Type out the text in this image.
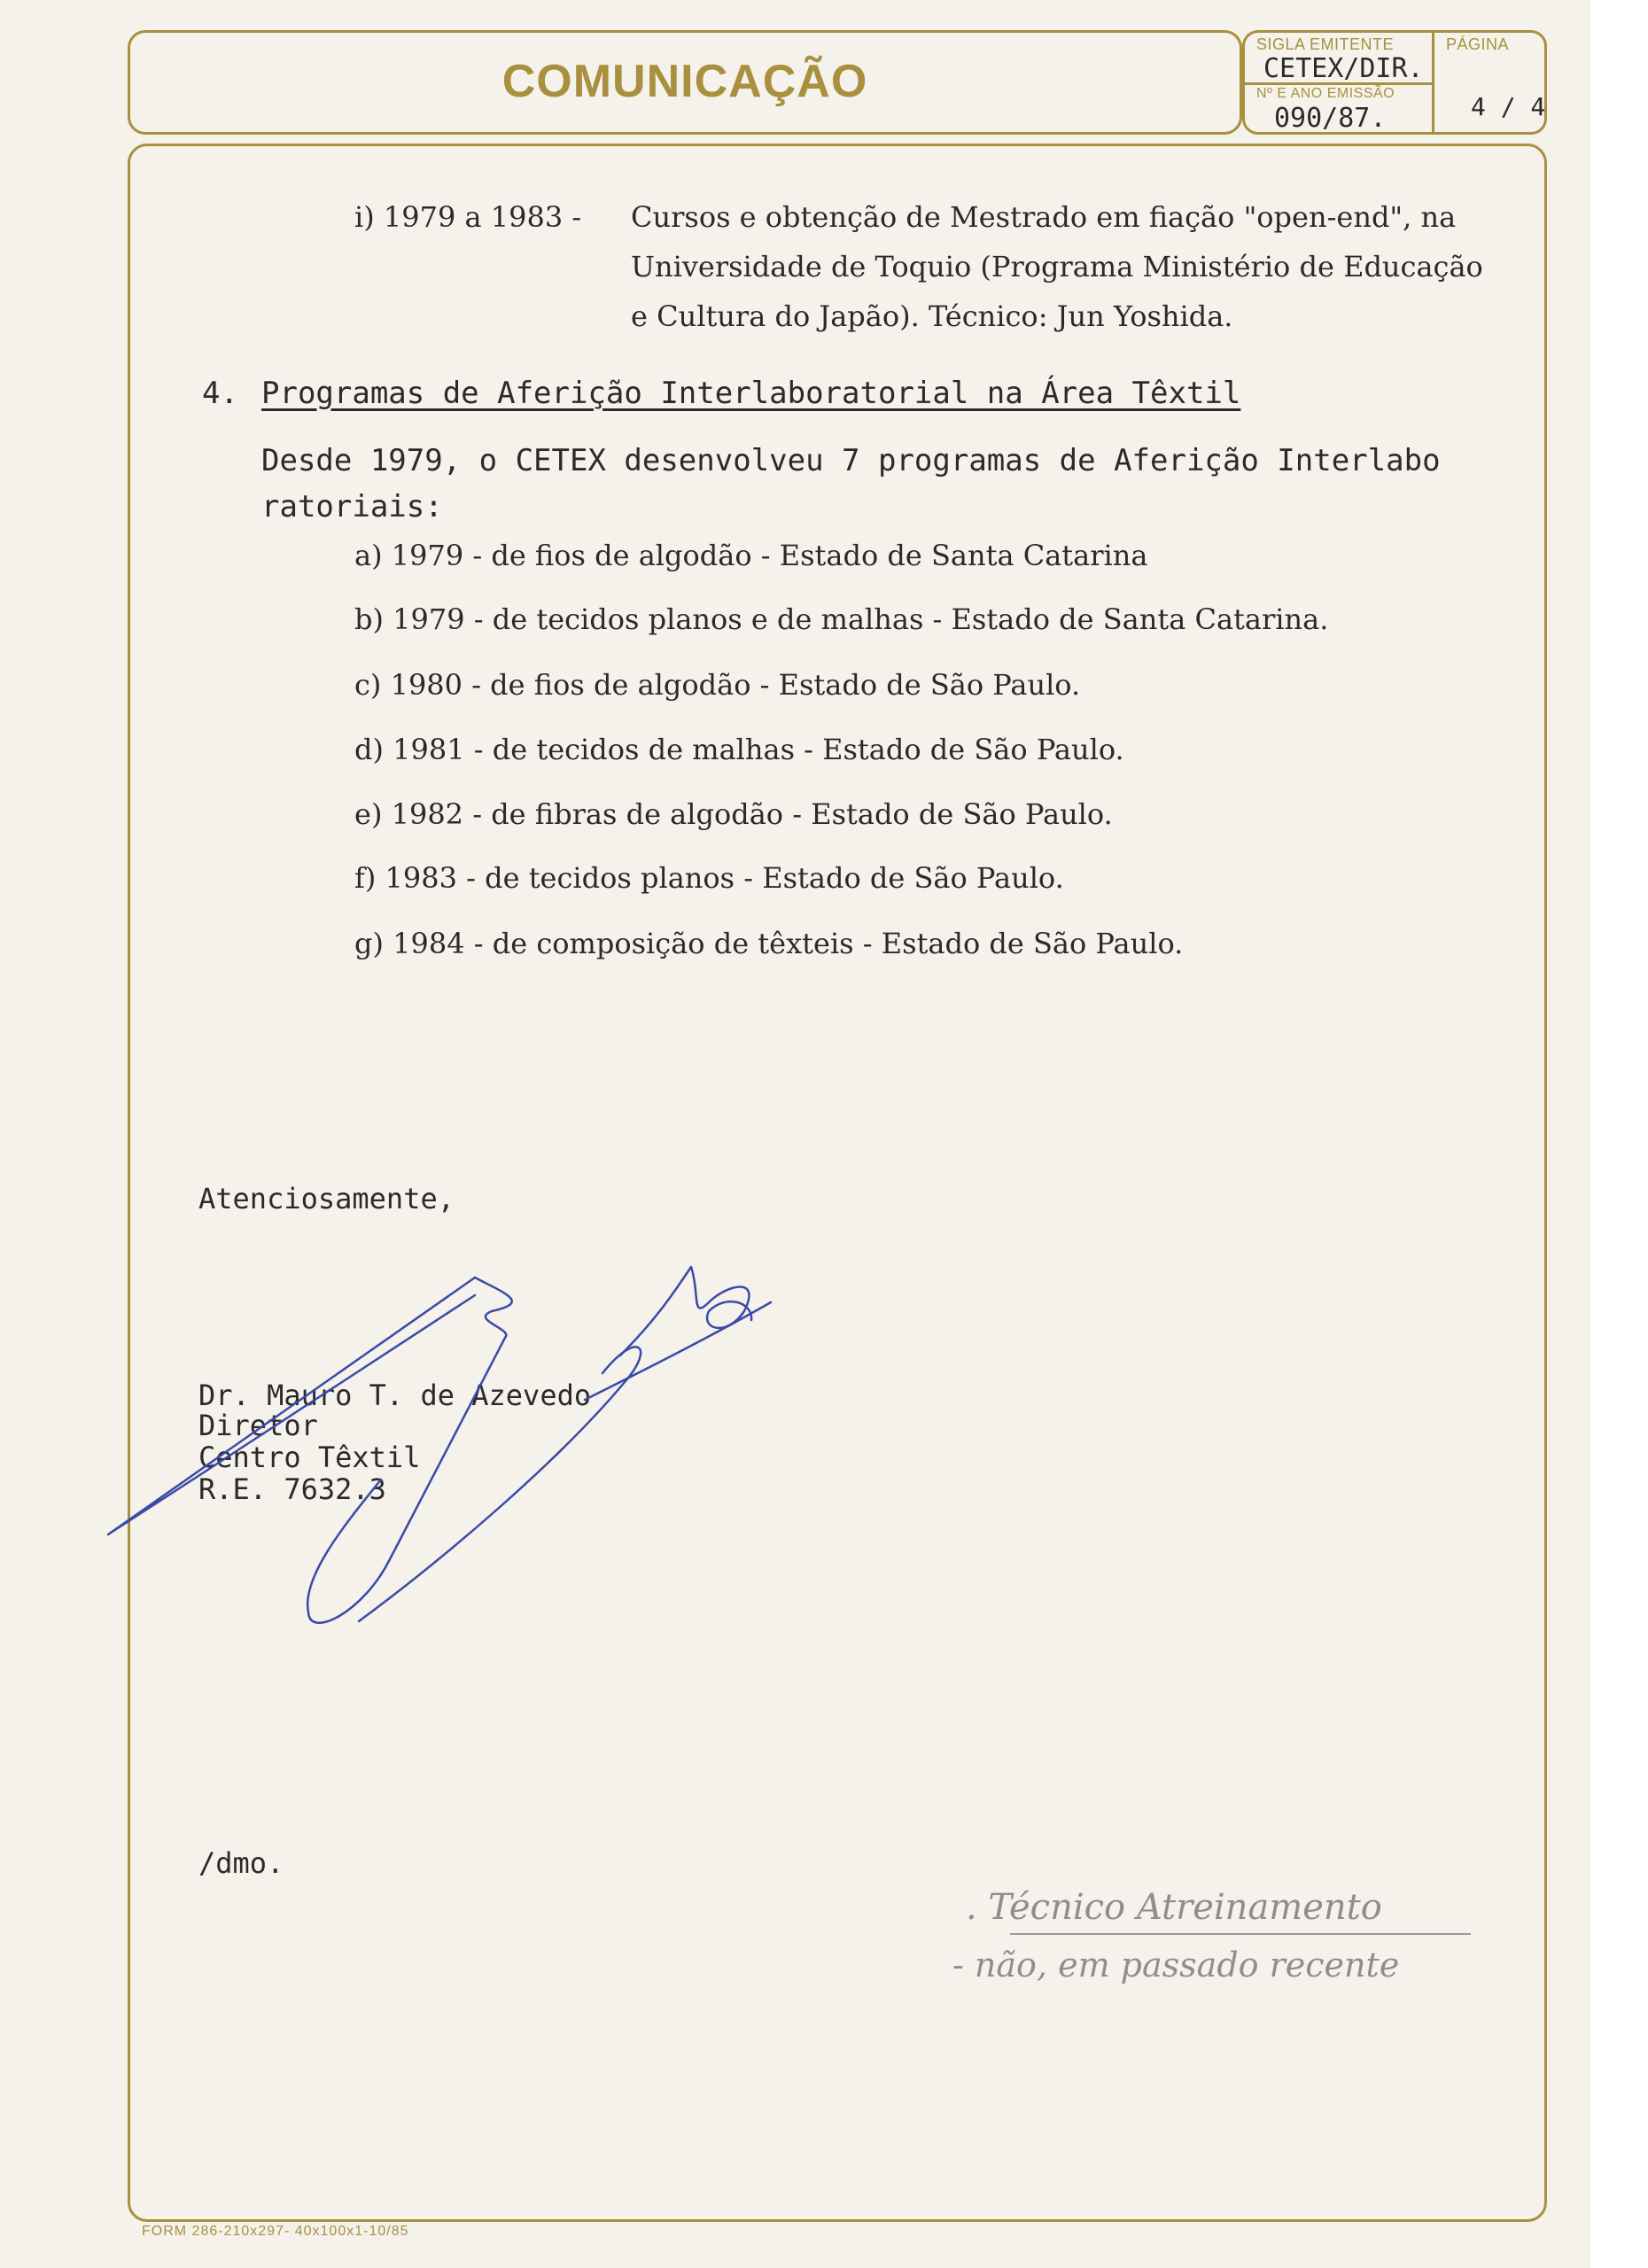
COMUNICAÇÃO
SIGLA EMITENTE
CETEX/DIR.
Nº E ANO EMISSÃO
090/87.
PÁGINA
4 / 4
i) 1979 a 1983 - Cursos e obtenção de Mestrado em fiação "open-end", na
Universidade de Toquio (Programa Ministério de Educação
e Cultura do Japão). Técnico: Jun Yoshida.
4. Programas de Aferição Interlaboratorial na Área Têxtil
Desde 1979, o CETEX desenvolveu 7 programas de Aferição Interlabo
ratoriais:
a) 1979 - de fios de algodão - Estado de Santa Catarina
b) 1979 - de tecidos planos e de malhas - Estado de Santa Catarina.
c) 1980 - de fios de algodão - Estado de São Paulo.
d) 1981 - de tecidos de malhas - Estado de São Paulo.
e) 1982 - de fibras de algodão - Estado de São Paulo.
f) 1983 - de tecidos planos - Estado de São Paulo.
g) 1984 - de composição de têxteis - Estado de São Paulo.
Atenciosamente,
Dr. Mauro T. de Azevedo
Diretor
Centro Têxtil
R.E. 7632.3
/dmo.
. Técnico Atreinamento
- não, em passado recente
FORM 286-210x297- 40x100x1-10/85
